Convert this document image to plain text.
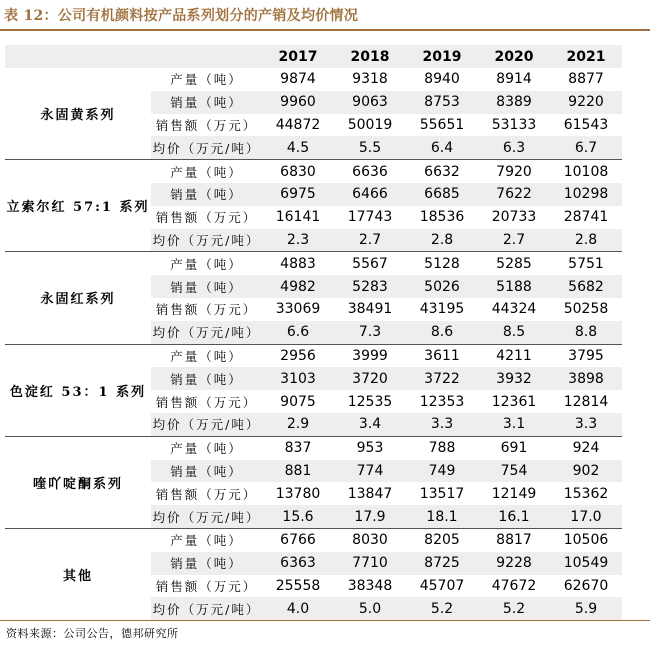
表 12：公司有机颜料按产品系列划分的产销及均价情况
		2017	2018	2019	2020	2021
永固黄系列	产量（吨）	9874	9318	8940	8914	8877
	销量（吨）	9960	9063	8753	8389	9220
	销售额（万元）	44872	50019	55651	53133	61543
	均价（万元/吨）	4.5	5.5	6.4	6.3	6.7
立索尔红 57:1 系列	产量（吨）	6830	6636	6632	7920	10108
	销量（吨）	6975	6466	6685	7622	10298
	销售额（万元）	16141	17743	18536	20733	28741
	均价（万元/吨）	2.3	2.7	2.8	2.7	2.8
永固红系列	产量（吨）	4883	5567	5128	5285	5751
	销量（吨）	4982	5283	5026	5188	5682
	销售额（万元）	33069	38491	43195	44324	50258
	均价（万元/吨）	6.6	7.3	8.6	8.5	8.8
色淀红 53：1 系列	产量（吨）	2956	3999	3611	4211	3795
	销量（吨）	3103	3720	3722	3932	3898
	销售额（万元）	9075	12535	12353	12361	12814
	均价（万元/吨）	2.9	3.4	3.3	3.1	3.3
喹吖啶酮系列	产量（吨）	837	953	788	691	924
	销量（吨）	881	774	749	754	902
	销售额（万元）	13780	13847	13517	12149	15362
	均价（万元/吨）	15.6	17.9	18.1	16.1	17.0
其他	产量（吨）	6766	8030	8205	8817	10506
	销量（吨）	6363	7710	8725	9228	10549
	销售额（万元）	25558	38348	45707	47672	62670
	均价（万元/吨）	4.0	5.0	5.2	5.2	5.9
资料来源：公司公告，德邦研究所
